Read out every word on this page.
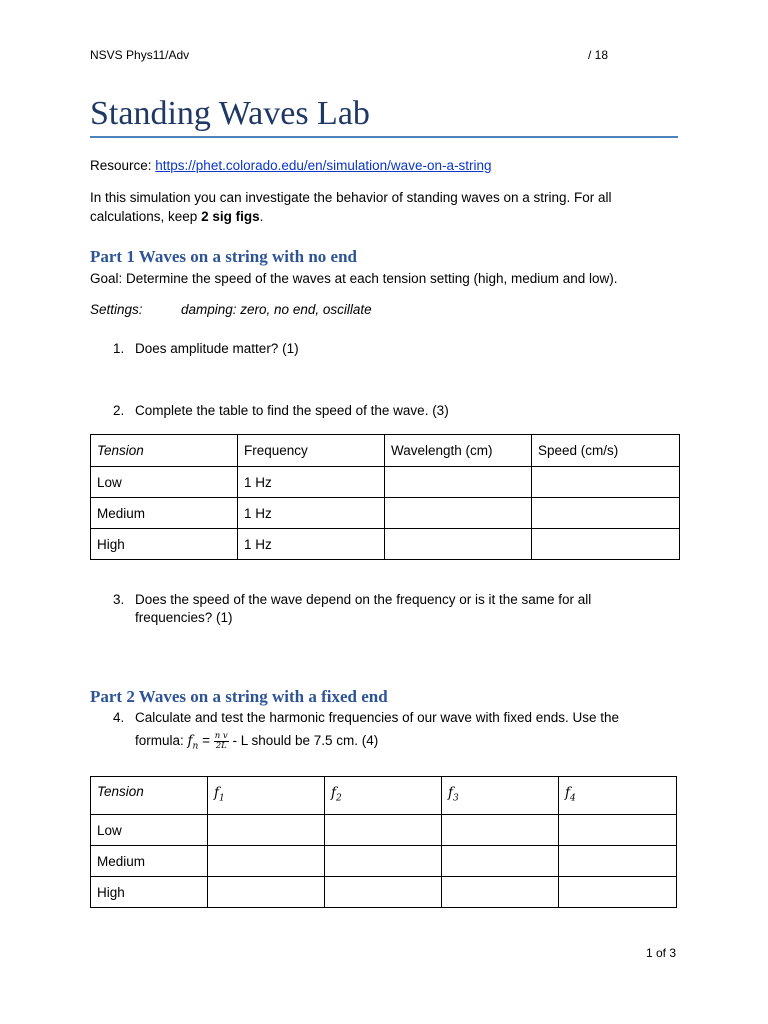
NSVS Phys11/Adv	/ 18
Standing Waves Lab
Resource: https://phet.colorado.edu/en/simulation/wave-on-a-string
In this simulation you can investigate the behavior of standing waves on a string. For all calculations, keep 2 sig figs.
Part 1 Waves on a string with no end
Goal: Determine the speed of the waves at each tension setting (high, medium and low).
Settings:	damping: zero, no end, oscillate
1. Does amplitude matter? (1)
2. Complete the table to find the speed of the wave. (3)
Tension	Frequency	Wavelength (cm)	Speed (cm/s)
Low	1 Hz		
Medium	1 Hz		
High	1 Hz		
3. Does the speed of the wave depend on the frequency or is it the same for all
frequencies? (1)
Part 2 Waves on a string with a fixed end
4. Calculate and test the harmonic frequencies of our wave with fixed ends. Use the
formula: $f_n = \frac{\text{n v}}{2L} - L$ should be 7.5 cm. (4)
Tension	$f_1$	$f_2$	$f_3$	$f_4$
Low				
Medium				
High				
1 of 3
